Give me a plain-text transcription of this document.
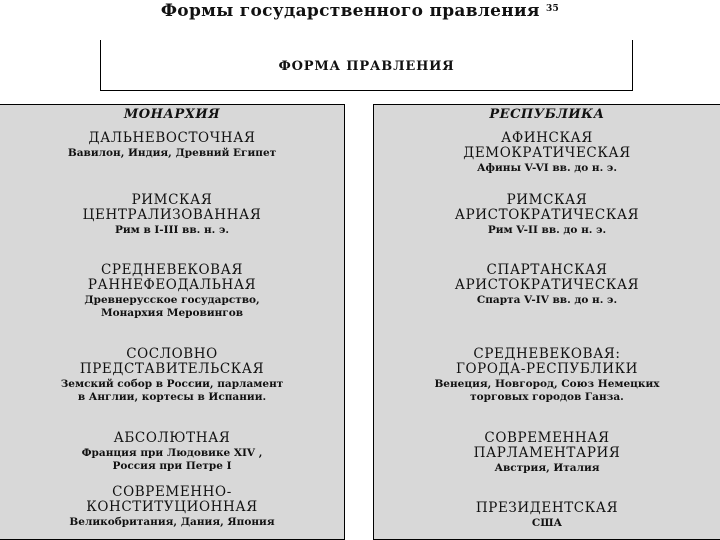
Формы государственного правления $^{35}$
ФОРМА ПРАВЛЕНИЯ
МОНАРХИЯ
ДАЛЬНЕВОСТОЧНАЯ
Вавилон, Индия, Древний Египет
РИМСКАЯ
ЦЕНТРАЛИЗОВАННАЯ
Рим в I-III вв. н. э.
СРЕДНЕВЕКОВАЯ
РАННЕФЕОДАЛЬНАЯ
Древнерусское государство,
Монархия Меровингов
СОСЛОВНО
ПРЕДСТАВИТЕЛЬСКАЯ
Земский собор в России, парламент
в Англии, кортесы в Испании.
АБСОЛЮТНАЯ
Франция при Людовике XIV ,
Россия при Петре I
СОВРЕМЕННО-
КОНСТИТУЦИОННАЯ
Великобритания, Дания, Япония
РЕСПУБЛИКА
АФИНСКАЯ
ДЕМОКРАТИЧЕСКАЯ
Афины V-VI вв. до н. э.
РИМСКАЯ
АРИСТОКРАТИЧЕСКАЯ
Рим V-II вв. до н. э.
СПАРТАНСКАЯ
АРИСТОКРАТИЧЕСКАЯ
Спарта V-IV вв. до н. э.
СРЕДНЕВЕКОВАЯ:
ГОРОДА-РЕСПУБЛИКИ
Венеция, Новгород, Союз Немецких
торговых городов Ганза.
СОВРЕМЕННАЯ
ПАРЛАМЕНТАРИЯ
Австрия, Италия
ПРЕЗИДЕНТСКАЯ
США
